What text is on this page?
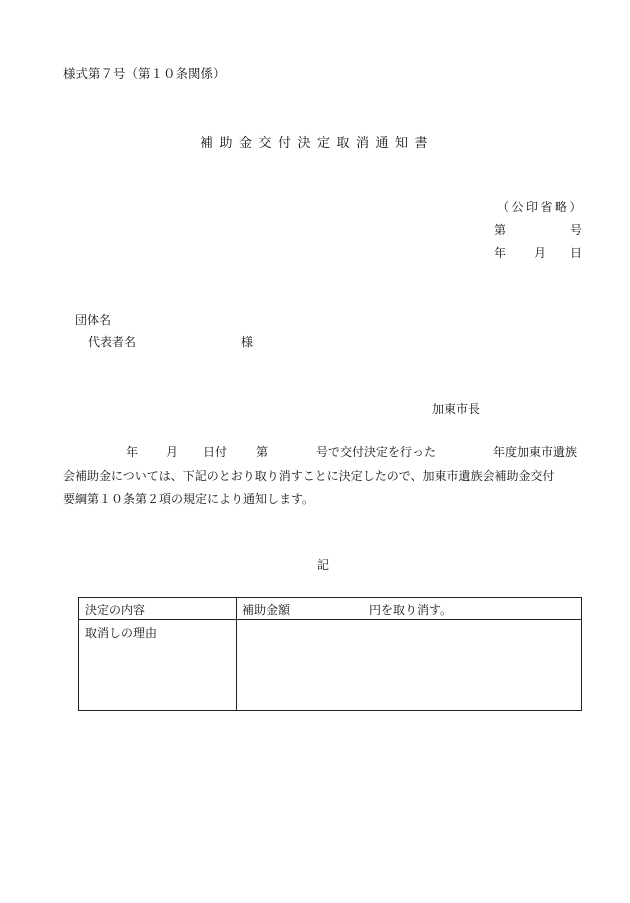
様式第７号（第１０条関係）
補助金交付決定取消通知書
（公印省略）
第	号
年 月 日
団体名
代表者名	様
加東市長
年 月 日付 第	号で交付決定を行った	年度加東市遺族
会補助金については、下記のとおり取り消すことに決定したので、加東市遺族会補助金交付
要綱第１０条第２項の規定により通知します。
記
決定の内容	補助金額	円を取り消す。
取消しの理由
